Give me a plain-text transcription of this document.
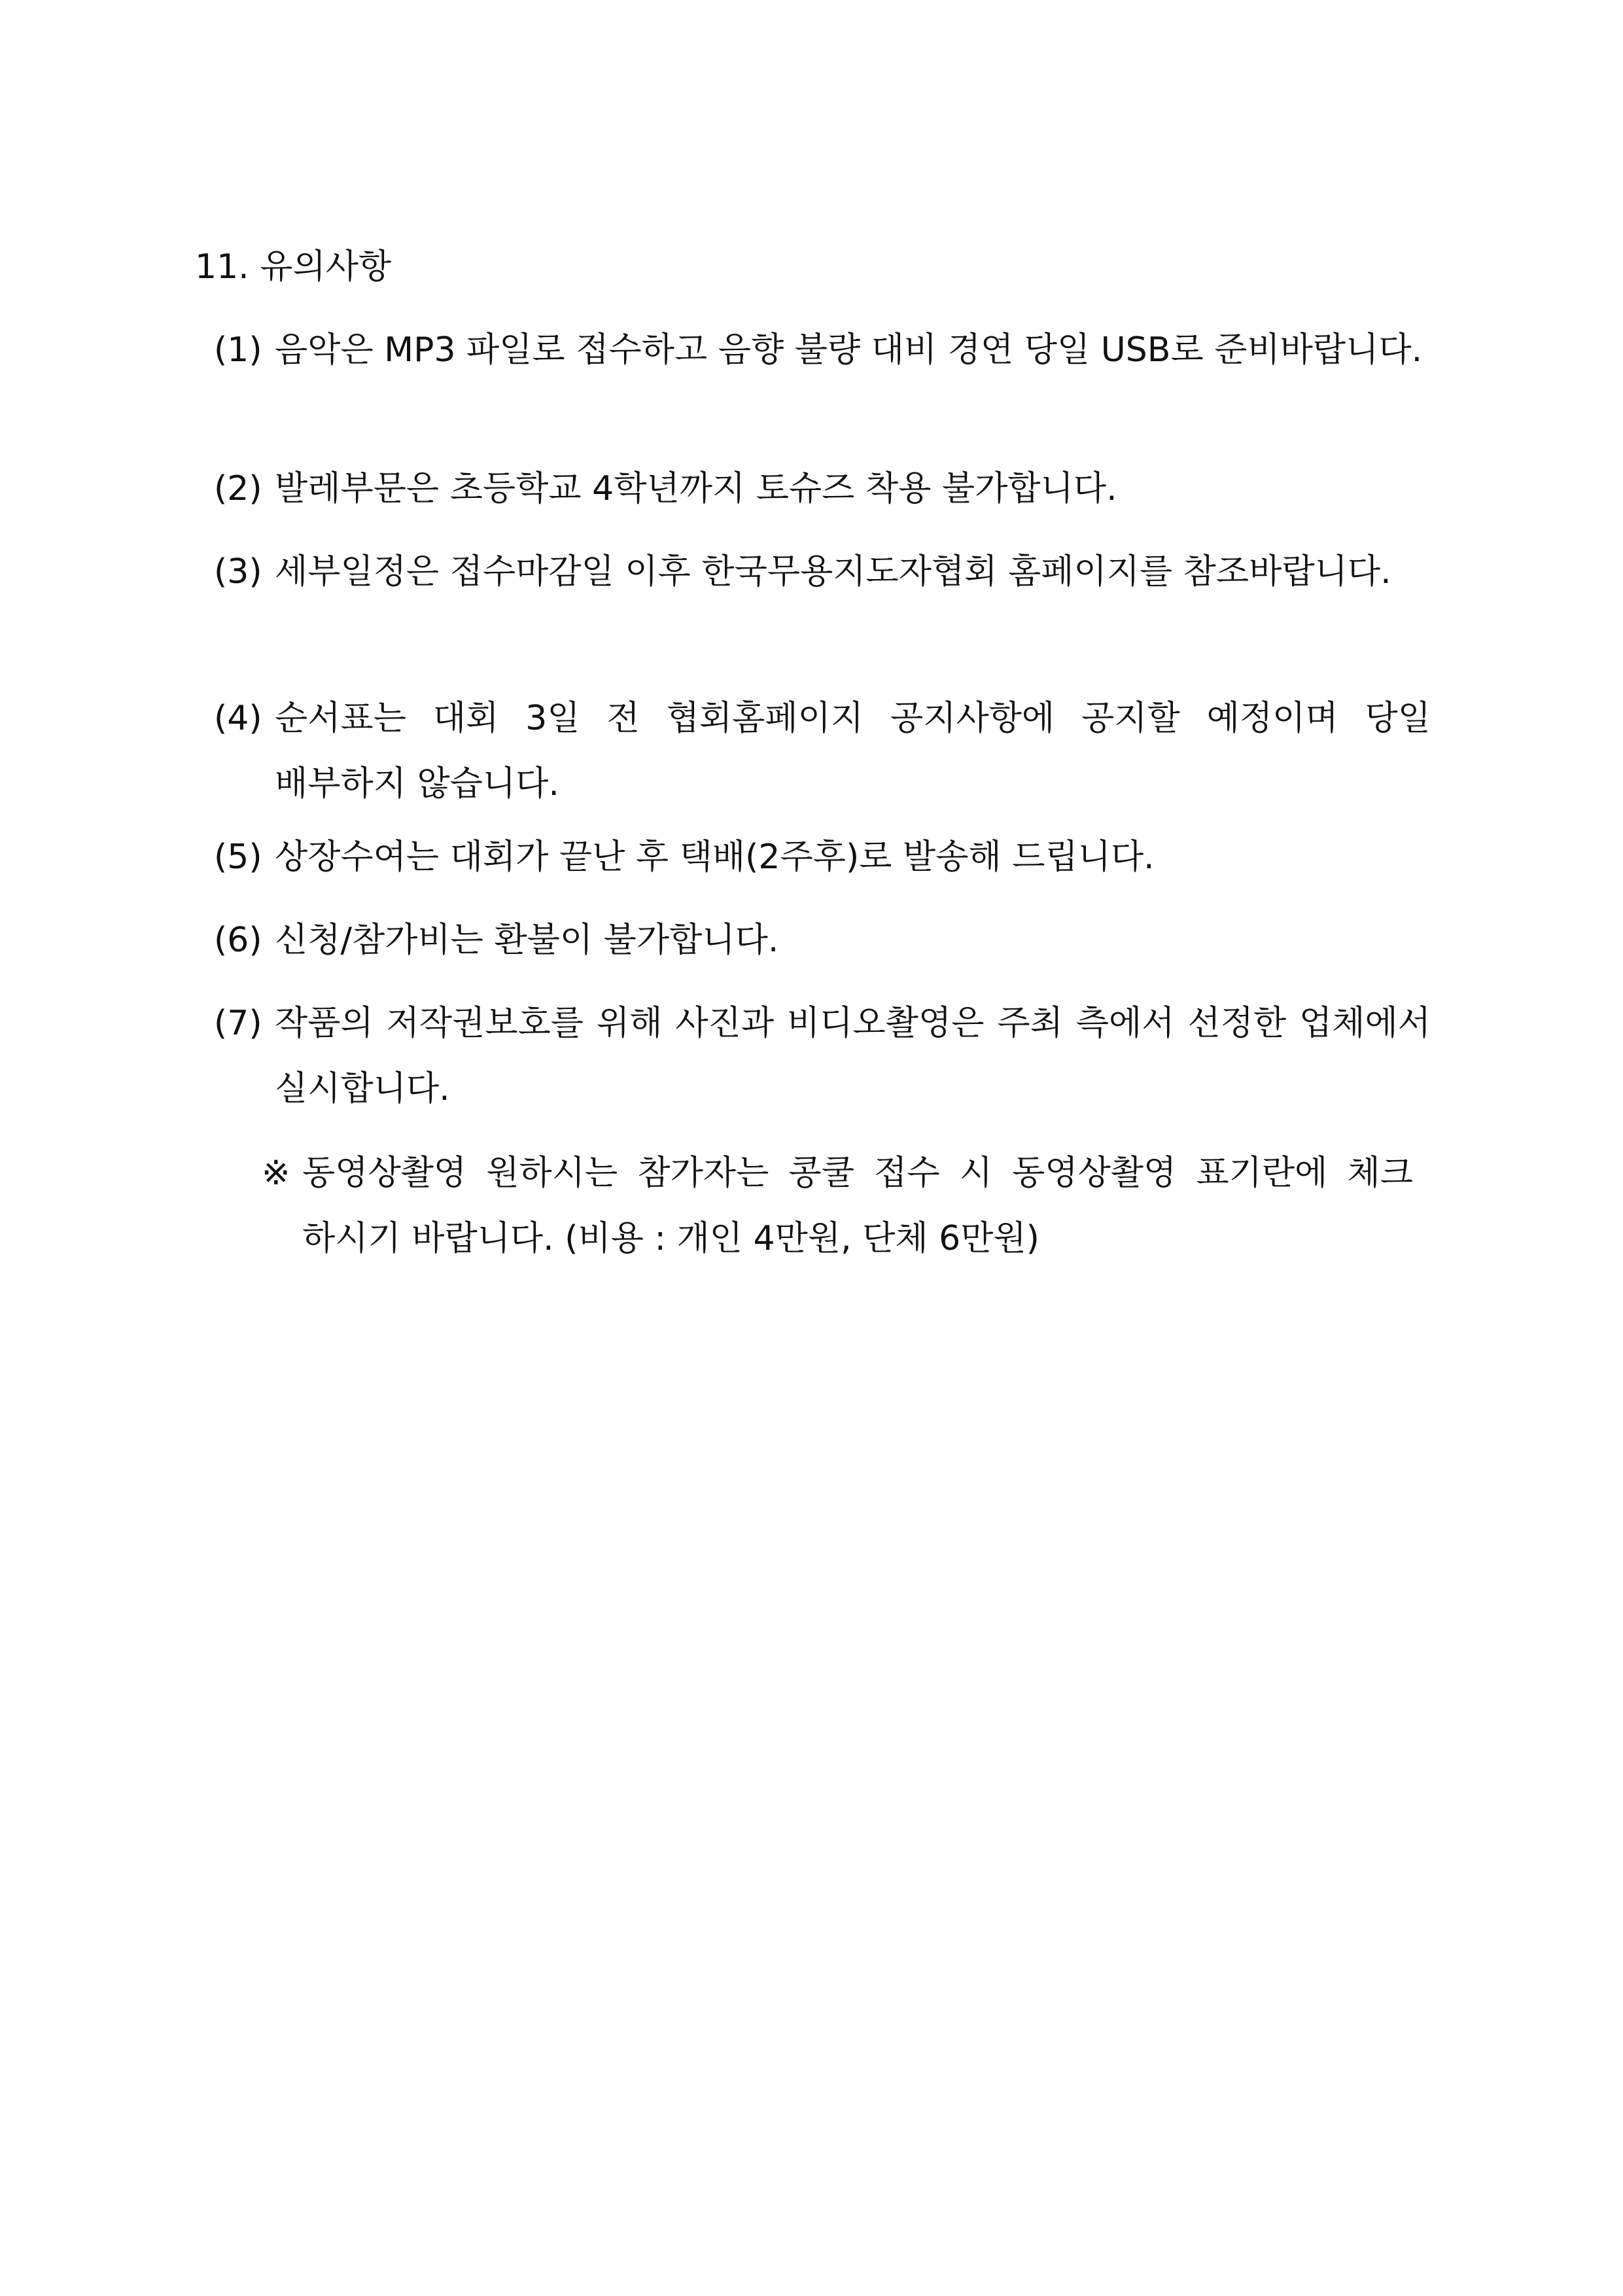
11. 유의사항
(1) 음악은 MP3 파일로 접수하고 음향 불량 대비 경연 당일 USB로 준비바랍니다.
(2) 발레부문은 초등학교 4학년까지 토슈즈 착용 불가합니다.
(3) 세부일정은 접수마감일 이후 한국무용지도자협회 홈페이지를 참조바랍니다.
(4) 순서표는 대회 3일 전 협회홈페이지 공지사항에 공지할 예정이며 당일 배부하지 않습니다.
(5) 상장수여는 대회가 끝난 후 택배(2주후)로 발송해 드립니다.
(6) 신청/참가비는 환불이 불가합니다.
(7) 작품의 저작권보호를 위해 사진과 비디오촬영은 주최 측에서 선정한 업체에서 실시합니다.
※ 동영상촬영 원하시는 참가자는 콩쿨 접수 시 동영상촬영 표기란에 체크 하시기 바랍니다. (비용 : 개인 4만원, 단체 6만원)
